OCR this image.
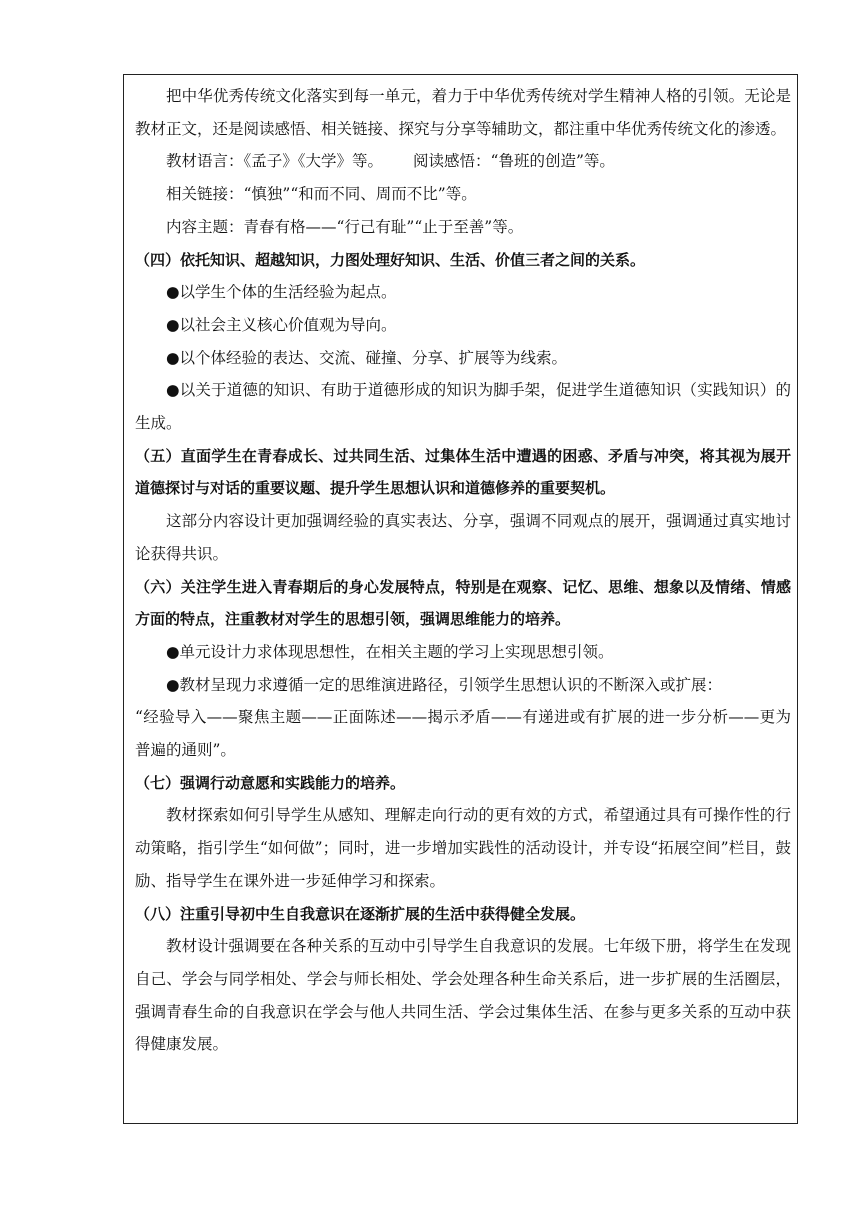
把中华优秀传统文化落实到每一单元，着力于中华优秀传统对学生精神人格的引领。无论是教材正文，还是阅读感悟、相关链接、探究与分享等辅助文，都注重中华优秀传统文化的渗透。

教材语言：《孟子》《大学》等。 阅读感悟：“鲁班的创造”等。

相关链接：“慎独”“和而不同、周而不比”等。

内容主题：青春有格——“行己有耻”“止于至善”等。

（四）依托知识、超越知识，力图处理好知识、生活、价值三者之间的关系。

●以学生个体的生活经验为起点。

●以社会主义核心价值观为导向。

●以个体经验的表达、交流、碰撞、分享、扩展等为线索。

●以关于道德的知识、有助于道德形成的知识为脚手架，促进学生道德知识（实践知识）的生成。

（五）直面学生在青春成长、过共同生活、过集体生活中遭遇的困惑、矛盾与冲突，将其视为展开道德探讨与对话的重要议题、提升学生思想认识和道德修养的重要契机。

这部分内容设计更加强调经验的真实表达、分享，强调不同观点的展开，强调通过真实地讨论获得共识。

（六）关注学生进入青春期后的身心发展特点，特别是在观察、记忆、思维、想象以及情绪、情感方面的特点，注重教材对学生的思想引领，强调思维能力的培养。

●单元设计力求体现思想性，在相关主题的学习上实现思想引领。

●教材呈现力求遵循一定的思维演进路径，引领学生思想认识的不断深入或扩展：

“经验导入——聚焦主题——正面陈述——揭示矛盾——有递进或有扩展的进一步分析——更为普遍的通则”。

（七）强调行动意愿和实践能力的培养。

教材探索如何引导学生从感知、理解走向行动的更有效的方式，希望通过具有可操作性的行动策略，指引学生“如何做”；同时，进一步增加实践性的活动设计，并专设“拓展空间”栏目，鼓励、指导学生在课外进一步延伸学习和探索。

（八）注重引导初中生自我意识在逐渐扩展的生活中获得健全发展。

教材设计强调要在各种关系的互动中引导学生自我意识的发展。七年级下册，将学生在发现自己、学会与同学相处、学会与师长相处、学会处理各种生命关系后，进一步扩展的生活圈层，强调青春生命的自我意识在学会与他人共同生活、学会过集体生活、在参与更多关系的互动中获得健康发展。
